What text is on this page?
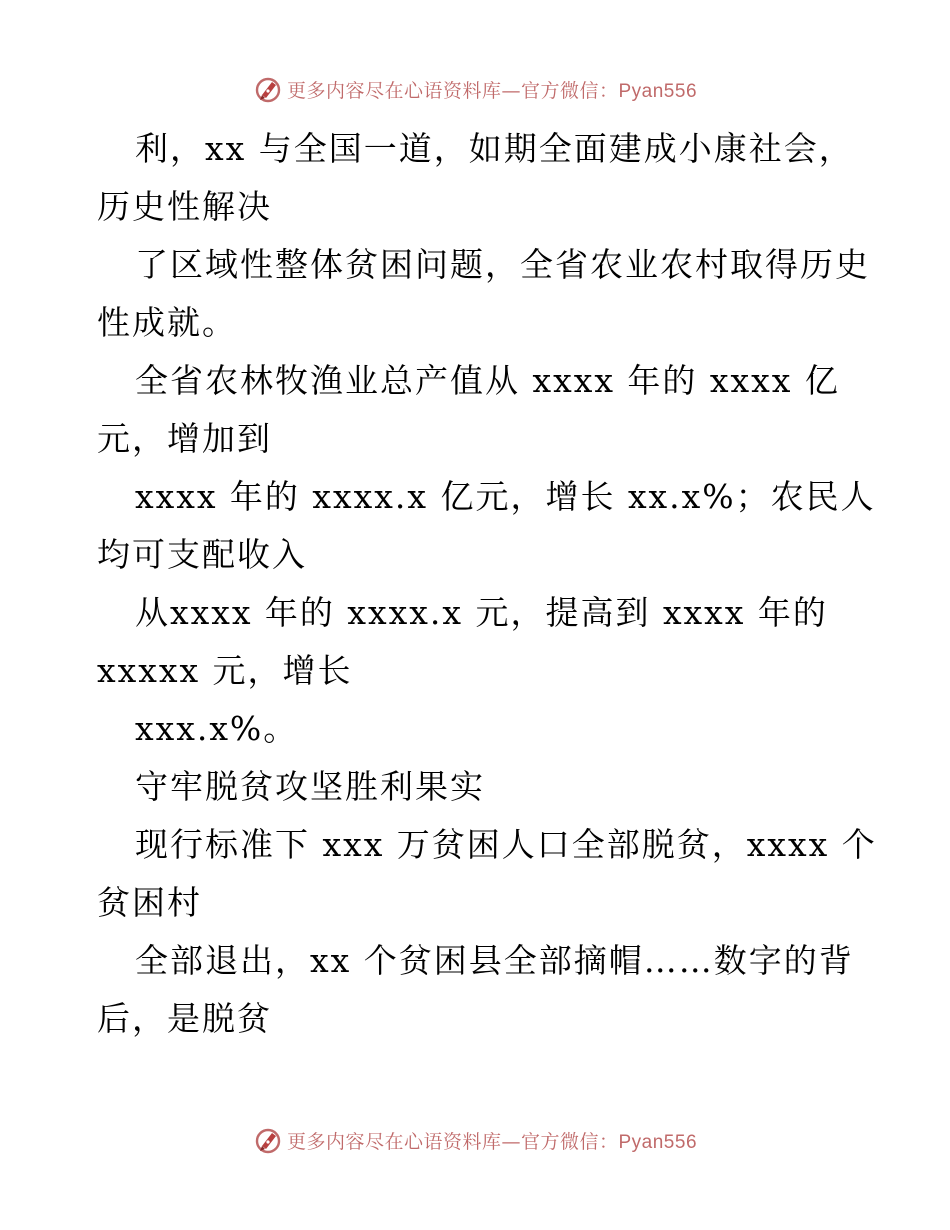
更多内容尽在心语资料库—官方微信：Pyan556

利，xx 与全国一道，如期全面建成小康社会，

历史性解决

了区域性整体贫困问题，全省农业农村取得历史

性成就。

全省农林牧渔业总产值从 xxxx 年的 xxxx 亿

元，增加到

xxxx 年的 xxxx.x 亿元，增长 xx.x%；农民人

均可支配收入

从xxxx 年的 xxxx.x 元，提高到 xxxx 年的

xxxxx 元，增长

xxx.x%。

守牢脱贫攻坚胜利果实

现行标准下 xxx 万贫困人口全部脱贫，xxxx 个

贫困村

全部退出，xx 个贫困县全部摘帽……数字的背

后，是脱贫

更多内容尽在心语资料库—官方微信：Pyan556
